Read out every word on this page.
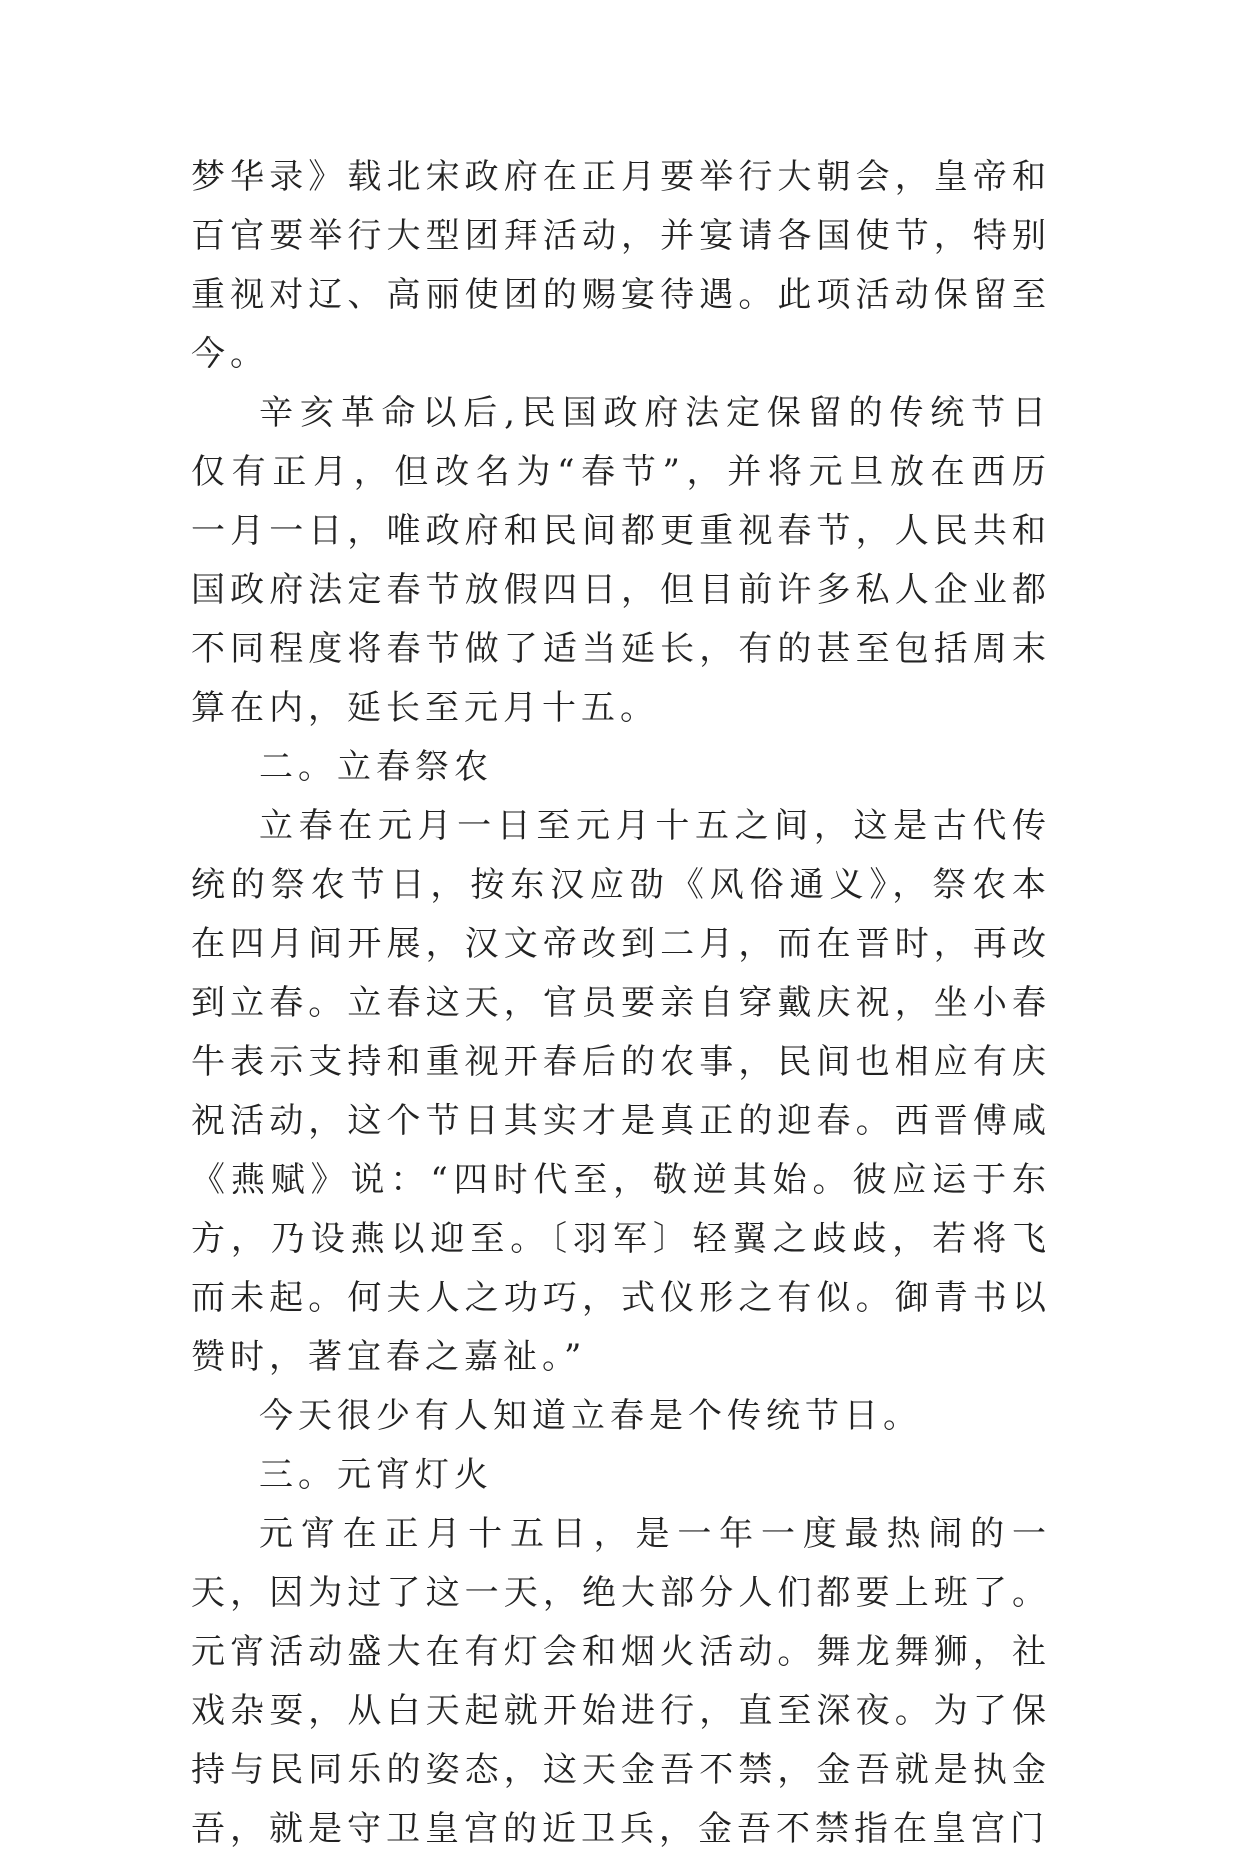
梦华录》载北宋政府在正月要举行大朝会，皇帝和百官要举行大型团拜活动，并宴请各国使节，特别重视对辽、高丽使团的赐宴待遇。此项活动保留至今。

辛亥革命以后,民国政府法定保留的传统节日仅有正月，但改名为“春节”，并将元旦放在西历一月一日，唯政府和民间都更重视春节，人民共和国政府法定春节放假四日，但目前许多私人企业都不同程度将春节做了适当延长，有的甚至包括周末算在内，延长至元月十五。

二。立春祭农

立春在元月一日至元月十五之间，这是古代传统的祭农节日，按东汉应劭《风俗通义》，祭农本在四月间开展，汉文帝改到二月，而在晋时，再改到立春。立春这天，官员要亲自穿戴庆祝，坐小春牛表示支持和重视开春后的农事，民间也相应有庆祝活动，这个节日其实才是真正的迎春。西晋傅咸《燕赋》说：“四时代至，敬逆其始。彼应运于东方，乃设燕以迎至。〔羽军〕轻翼之歧歧，若将飞而未起。何夫人之功巧，式仪形之有似。御青书以赞时，著宜春之嘉祉。”

今天很少有人知道立春是个传统节日。

三。元宵灯火

元宵在正月十五日，是一年一度最热闹的一天，因为过了这一天，绝大部分人们都要上班了。元宵活动盛大在有灯会和烟火活动。舞龙舞狮，社戏杂耍，从白天起就开始进行，直至深夜。为了保持与民同乐的姿态，这天金吾不禁，金吾就是执金吾，就是守卫皇宫的近卫兵，金吾不禁指在皇宫门
